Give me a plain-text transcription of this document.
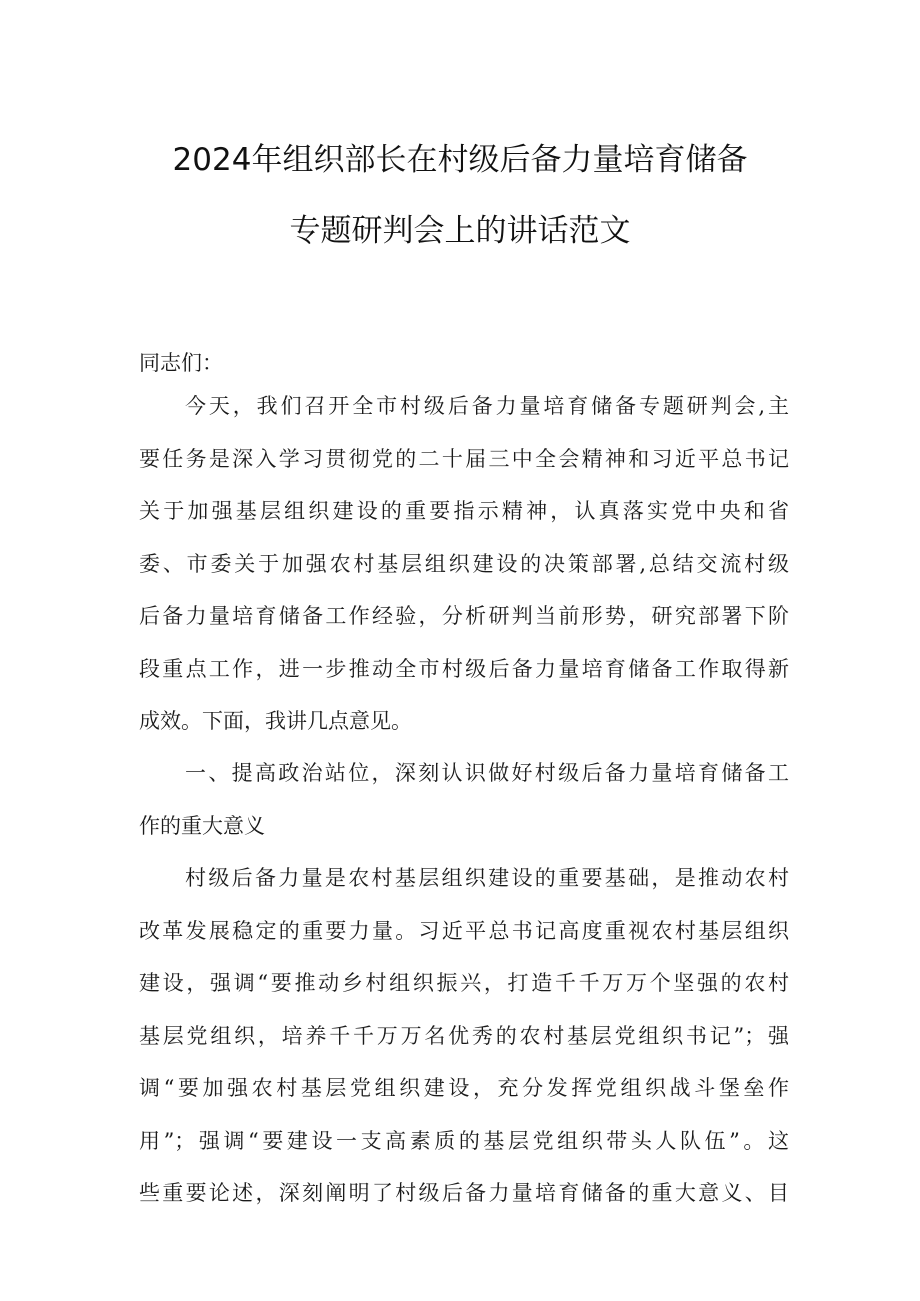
2024年组织部长在村级后备力量培育储备
专题研判会上的讲话范文
同志们：
今天，我们召开全市村级后备力量培育储备专题研判会,主
要任务是深入学习贯彻党的二十届三中全会精神和习近平总书记
关于加强基层组织建设的重要指示精神，认真落实党中央和省
委、市委关于加强农村基层组织建设的决策部署,总结交流村级
后备力量培育储备工作经验，分析研判当前形势，研究部署下阶
段重点工作，进一步推动全市村级后备力量培育储备工作取得新
成效。下面，我讲几点意见。
一、提高政治站位，深刻认识做好村级后备力量培育储备工
作的重大意义
村级后备力量是农村基层组织建设的重要基础，是推动农村
改革发展稳定的重要力量。习近平总书记高度重视农村基层组织
建设，强调“要推动乡村组织振兴，打造千千万万个坚强的农村
基层党组织，培养千千万万名优秀的农村基层党组织书记”；强
调“要加强农村基层党组织建设，充分发挥党组织战斗堡垒作
用”；强调“要建设一支高素质的基层党组织带头人队伍”。这
些重要论述，深刻阐明了村级后备力量培育储备的重大意义、目
